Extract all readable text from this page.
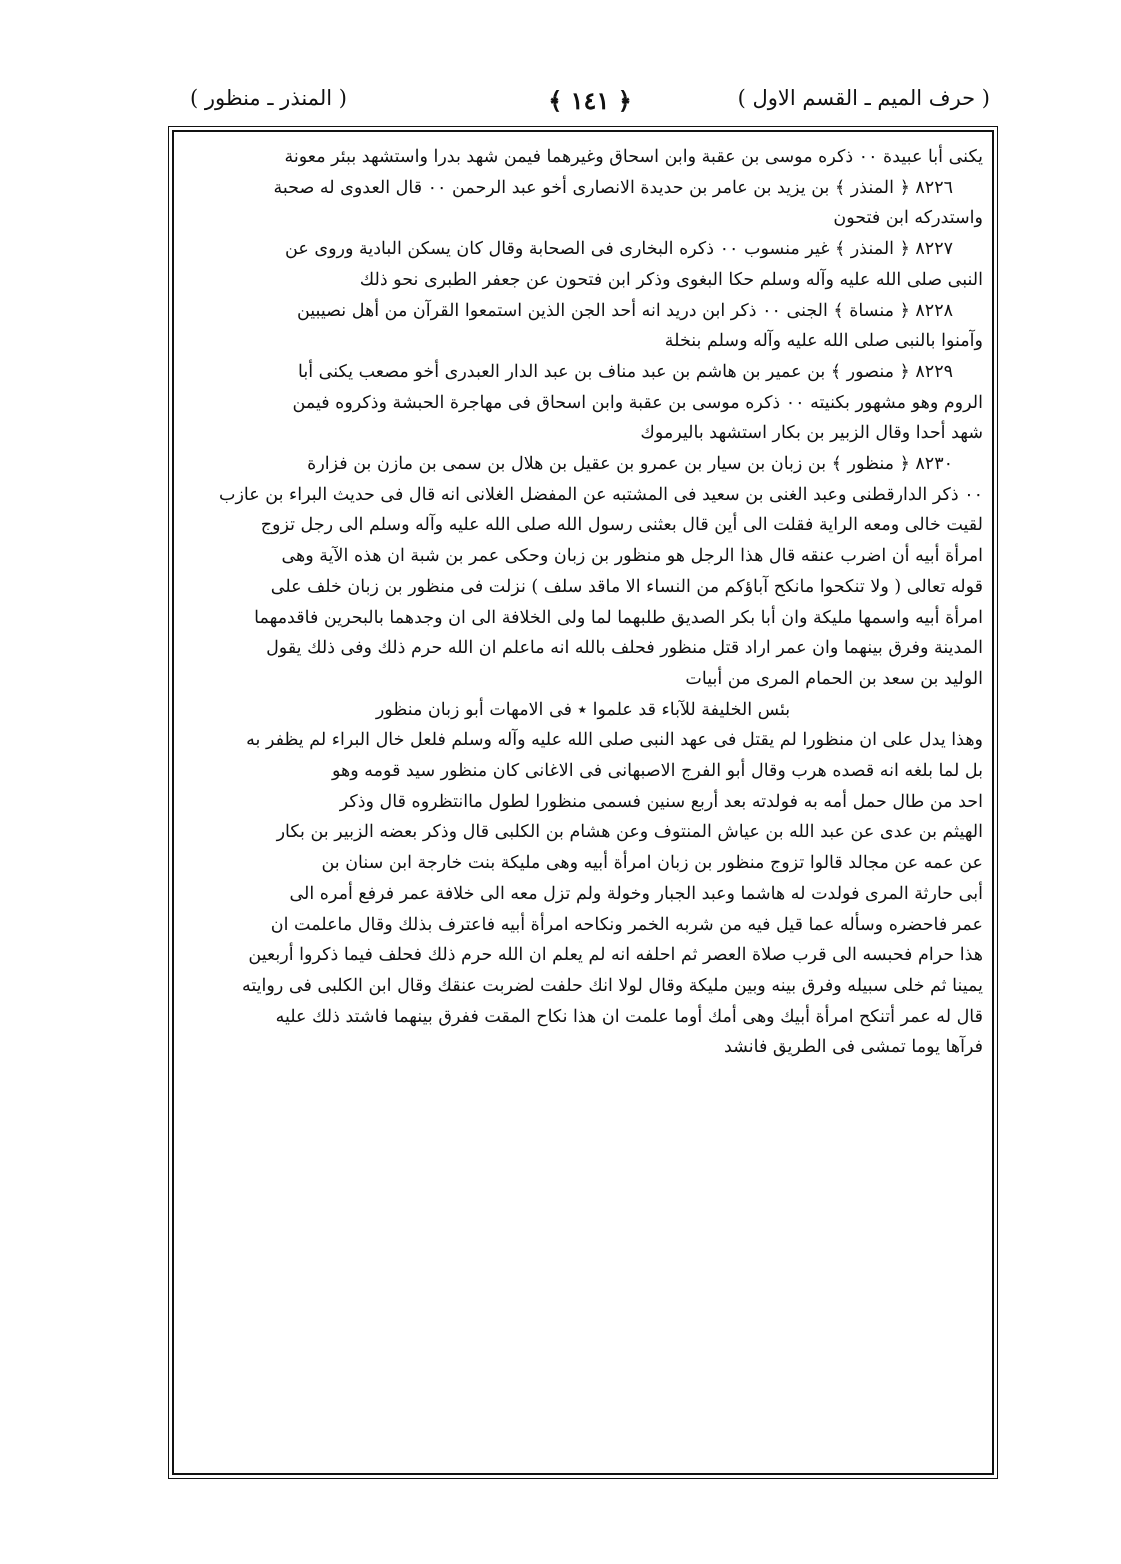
( حرف الميم ـ القسم الاول )
﴿ ١٤١ ﴾
( المنذر ـ منظور )
يكنى أبا عبيدة ٠٠ ذكره موسى بن عقبة وابن اسحاق وغيرهما فيمن شهد بدرا واستشهد ببئر معونة
٨٢٢٦ ﴿ المنذر ﴾ بن يزيد بن عامر بن حديدة الانصارى أخو عبد الرحمن ٠٠ قال العدوى له صحبة
واستدركه ابن فتحون
٨٢٢٧ ﴿ المنذر ﴾ غير منسوب ٠٠ ذكره البخارى فى الصحابة وقال كان يسكن البادية وروى عن
النبى صلى الله عليه وآله وسلم حكا البغوى وذكر ابن فتحون عن جعفر الطبرى نحو ذلك
٨٢٢٨ ﴿ منساة ﴾ الجنى ٠٠ ذكر ابن دريد انه أحد الجن الذين استمعوا القرآن من أهل نصيبين
وآمنوا بالنبى صلى الله عليه وآله وسلم بنخلة
٨٢٢٩ ﴿ منصور ﴾ بن عمير بن هاشم بن عبد مناف بن عبد الدار العبدرى أخو مصعب يكنى أبا
الروم وهو مشهور بكنيته ٠٠ ذكره موسى بن عقبة وابن اسحاق فى مهاجرة الحبشة وذكروه فيمن
شهد أحدا وقال الزبير بن بكار استشهد باليرموك
٨٢٣٠ ﴿ منظور ﴾ بن زبان بن سيار بن عمرو بن عقيل بن هلال بن سمى بن مازن بن فزارة
٠٠ ذكر الدارقطنى وعبد الغنى بن سعيد فى المشتبه عن المفضل الغلانى انه قال فى حديث البراء بن عازب
لقيت خالى ومعه الراية فقلت الى أين قال بعثنى رسول الله صلى الله عليه وآله وسلم الى رجل تزوج
امرأة أبيه أن اضرب عنقه قال هذا الرجل هو منظور بن زبان وحكى عمر بن شبة ان هذه الآية وهى
قوله تعالى ( ولا تنكحوا مانكح آباؤكم من النساء الا ماقد سلف ) نزلت فى منظور بن زبان خلف على
امرأة أبيه واسمها مليكة وان أبا بكر الصديق طلبهما لما ولى الخلافة الى ان وجدهما بالبحرين فاقدمهما
المدينة وفرق بينهما وان عمر اراد قتل منظور فحلف بالله انه ماعلم ان الله حرم ذلك وفى ذلك يقول
الوليد بن سعد بن الحمام المرى من أبيات
بئس الخليفة للآباء قد علموا ٭ فى الامهات أبو زبان منظور
وهذا يدل على ان منظورا لم يقتل فى عهد النبى صلى الله عليه وآله وسلم فلعل خال البراء لم يظفر به
بل لما بلغه انه قصده هرب وقال أبو الفرج الاصبهانى فى الاغانى كان منظور سيد قومه وهو
احد من طال حمل أمه به فولدته بعد أربع سنين فسمى منظورا لطول ماانتظروه قال وذكر
الهيثم بن عدى عن عبد الله بن عياش المنتوف وعن هشام بن الكلبى قال وذكر بعضه الزبير بن بكار
عن عمه عن مجالد قالوا تزوج منظور بن زبان امرأة أبيه وهى مليكة بنت خارجة ابن سنان بن
أبى حارثة المرى فولدت له هاشما وعبد الجبار وخولة ولم تزل معه الى خلافة عمر فرفع أمره الى
عمر فاحضره وسأله عما قيل فيه من شربه الخمر ونكاحه امرأة أبيه فاعترف بذلك وقال ماعلمت ان
هذا حرام فحبسه الى قرب صلاة العصر ثم احلفه انه لم يعلم ان الله حرم ذلك فحلف فيما ذكروا أربعين
يمينا ثم خلى سبيله وفرق بينه وبين مليكة وقال لولا انك حلفت لضربت عنقك وقال ابن الكلبى فى روايته
قال له عمر أتنكح امرأة أبيك وهى أمك أوما علمت ان هذا نكاح المقت ففرق بينهما فاشتد ذلك عليه
فرآها يوما تمشى فى الطريق فانشد
